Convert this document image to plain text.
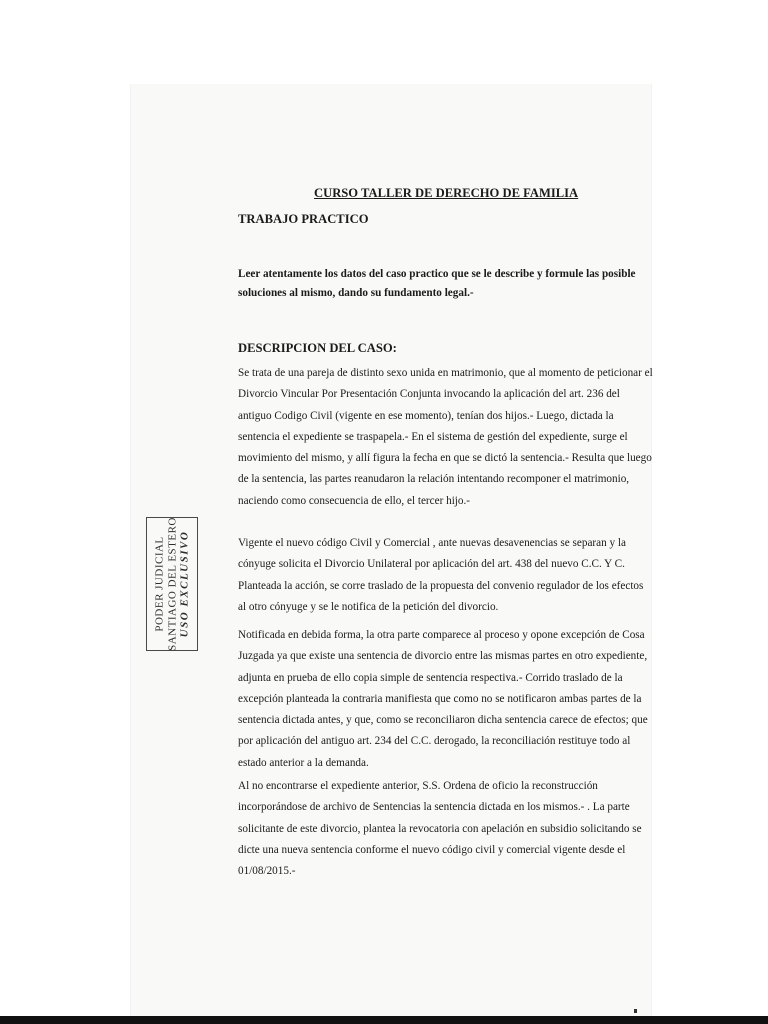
CURSO TALLER DE DERECHO DE FAMILIA
TRABAJO PRACTICO

Leer atentamente los datos del caso practico que se le describe y formule las posible soluciones al mismo, dando su fundamento legal.-

DESCRIPCION DEL CASO:

Se trata de una pareja de distinto sexo unida en matrimonio, que al momento de peticionar el Divorcio Vincular Por Presentación Conjunta invocando la aplicación del art. 236 del antiguo Codigo Civil (vigente en ese momento), tenían dos hijos.- Luego, dictada la sentencia el expediente se traspapela.- En el sistema de gestión del expediente, surge el movimiento del mismo, y allí figura la fecha en que se dictó la sentencia.- Resulta que luego de la sentencia, las partes reanudaron la relación intentando recomponer el matrimonio, naciendo como consecuencia de ello, el tercer hijo.-

Vigente el nuevo código Civil y Comercial , ante nuevas desavenencias se separan y la cónyuge solicita el Divorcio Unilateral por aplicación del art. 438 del nuevo C.C. Y C. Planteada la acción, se corre traslado de la propuesta del convenio regulador de los efectos al otro cónyuge y se le notifica de la petición del divorcio.

Notificada en debida forma, la otra parte comparece al proceso y opone excepción de Cosa Juzgada ya que existe una sentencia de divorcio entre las mismas partes en otro expediente, adjunta en prueba de ello copia simple de sentencia respectiva.- Corrido traslado de la excepción planteada la contraria manifiesta que como no se notificaron ambas partes de la sentencia dictada antes, y que, como se reconciliaron dicha sentencia carece de efectos; que por aplicación del antiguo art. 234 del C.C. derogado, la reconciliación restituye todo al estado anterior a la demanda.

Al no encontrarse el expediente anterior, S.S. Ordena de oficio la reconstrucción incorporándose de archivo de Sentencias la sentencia dictada en los mismos.- . La parte solicitante de este divorcio, plantea la revocatoria con apelación en subsidio solicitando se dicte una nueva sentencia conforme el nuevo código civil y comercial vigente desde el 01/08/2015.-

PODER JUDICIAL SANTIAGO DEL ESTERO USO EXCLUSIVO
